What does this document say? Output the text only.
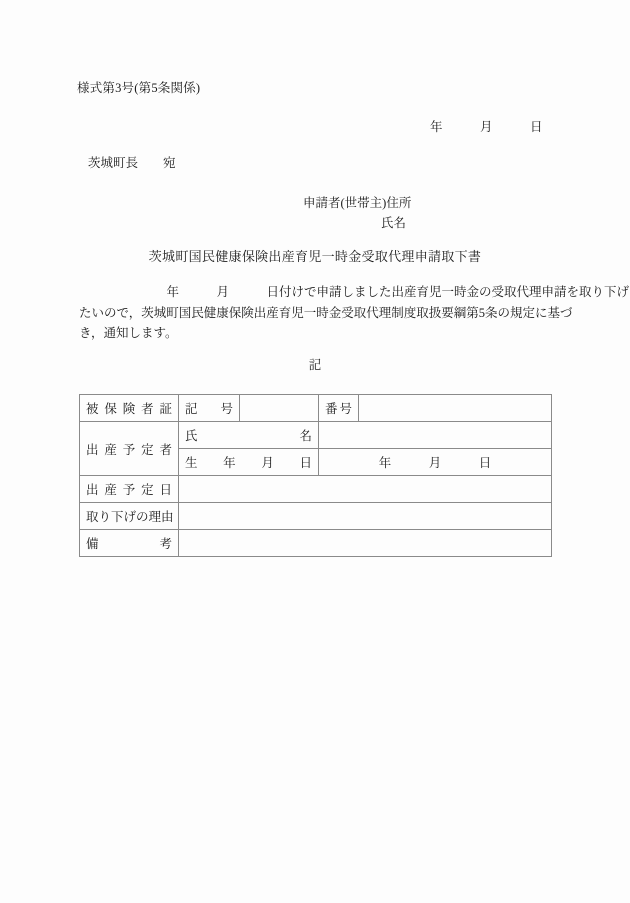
様式第3号(第5条関係)
年　　　月　　　日
茨城町長　　宛
申請者(世帯主)住所
氏名
茨城町国民健康保険出産育児一時金受取代理申請取下書
　　　　　　　年　　　月　　　日付けで申請しました出産育児一時金の受取代理申請を取り下げ
たいので，茨城町国民健康保険出産育児一時金受取代理制度取扱要綱第5条の規定に基づ
き，通知します。
記
被保険者証	記号		番号	
出産予定者	氏名			
	生年月日		年　　　月　　　日	
出産予定日				
取り下げの理由				
備考				
